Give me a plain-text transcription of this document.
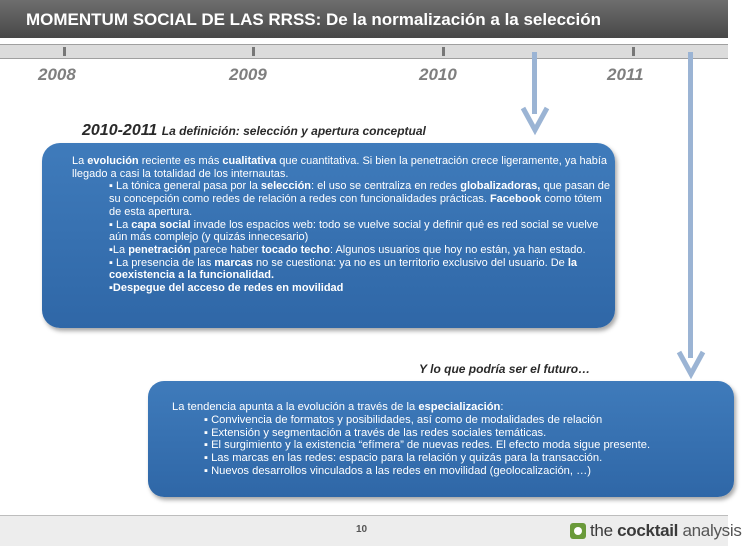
MOMENTUM SOCIAL DE LAS RRSS: De la normalización a la selección
2008	2009	2010	2011
2010-2011 La definición: selección y apertura conceptual
La evolución reciente es más cualitativa que cuantitativa. Si bien la penetración crece ligeramente, ya había llegado a casi la totalidad de los internautas.
▪ La tónica general pasa por la selección: el uso se centraliza en redes globalizadoras, que pasan de su concepción como redes de relación a redes con funcionalidades prácticas. Facebook como tótem de esta apertura.
▪ La capa social invade los espacios web: todo se vuelve social y definir qué es red social se vuelve aún más complejo (y quizás innecesario)
▪La penetración parece haber tocado techo: Algunos usuarios que hoy no están, ya han estado.
▪ La presencia de las marcas no se cuestiona: ya no es un territorio exclusivo del usuario. De la coexistencia a la funcionalidad.
▪Despegue del acceso de redes en movilidad
Y lo que podría ser el futuro…
La tendencia apunta a la evolución a través de la especialización:
▪ Convivencia de formatos y posibilidades, así como de modalidades de relación
▪ Extensión y segmentación a través de las redes sociales temáticas.
▪ El surgimiento y la existencia “efímera” de nuevas redes. El efecto moda sigue presente.
▪ Las marcas en las redes: espacio para la relación y quizás para la transacción.
▪ Nuevos desarrollos vinculados a las redes en movilidad (geolocalización, …)
10	the cocktail analysis
